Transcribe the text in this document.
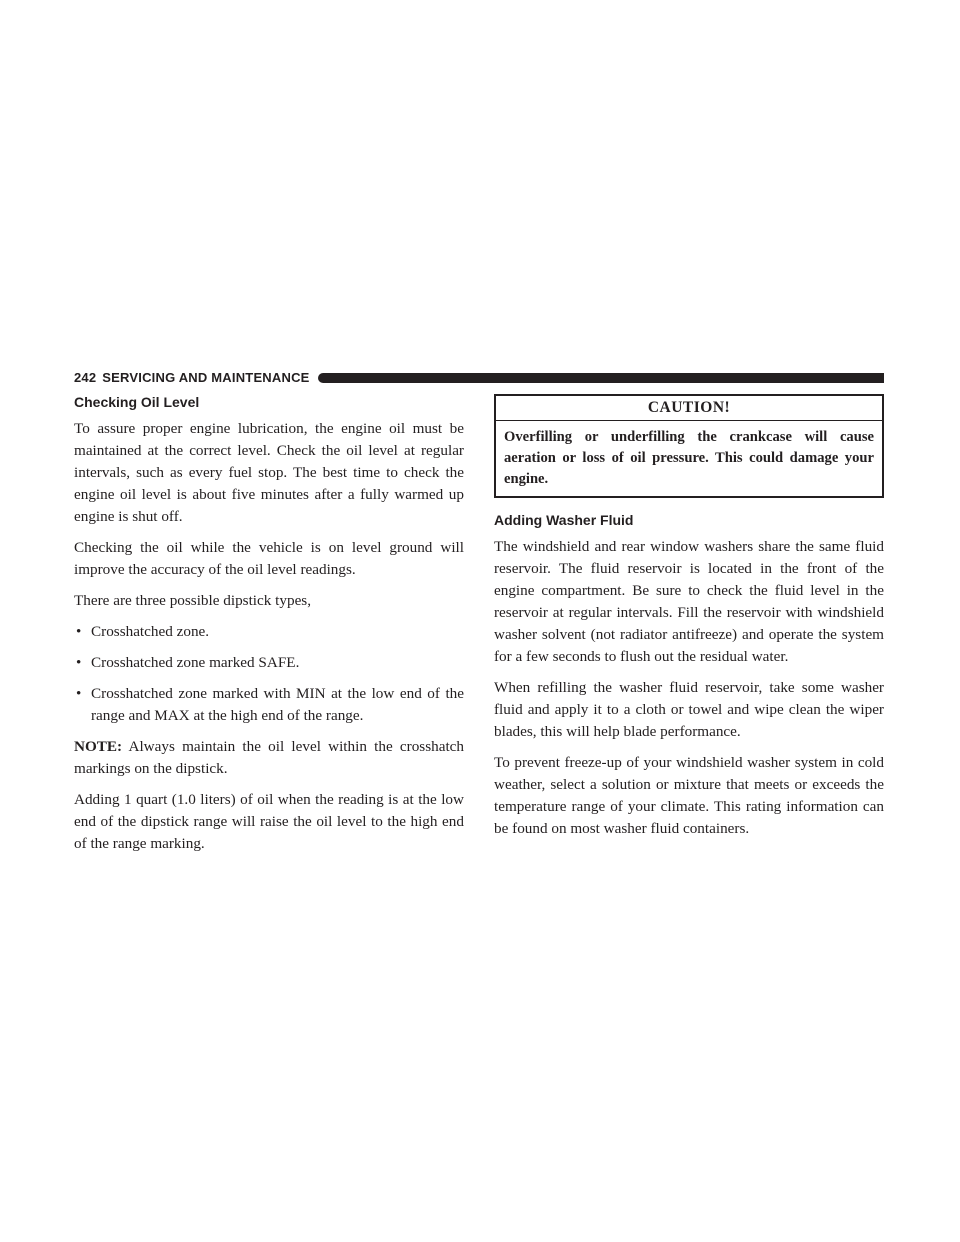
242 SERVICING AND MAINTENANCE
Checking Oil Level

To assure proper engine lubrication, the engine oil must be maintained at the correct level. Check the oil level at regular intervals, such as every fuel stop. The best time to check the engine oil level is about five minutes after a fully warmed up engine is shut off.

Checking the oil while the vehicle is on level ground will improve the accuracy of the oil level readings.

There are three possible dipstick types,

• Crosshatched zone.
• Crosshatched zone marked SAFE.
• Crosshatched zone marked with MIN at the low end of the range and MAX at the high end of the range.

NOTE: Always maintain the oil level within the crosshatch markings on the dipstick.

Adding 1 quart (1.0 liters) of oil when the reading is at the low end of the dipstick range will raise the oil level to the high end of the range marking.

CAUTION!

Overfilling or underfilling the crankcase will cause aeration or loss of oil pressure. This could damage your engine.

Adding Washer Fluid

The windshield and rear window washers share the same fluid reservoir. The fluid reservoir is located in the front of the engine compartment. Be sure to check the fluid level in the reservoir at regular intervals. Fill the reservoir with windshield washer solvent (not radiator antifreeze) and operate the system for a few seconds to flush out the residual water.

When refilling the washer fluid reservoir, take some washer fluid and apply it to a cloth or towel and wipe clean the wiper blades, this will help blade performance.

To prevent freeze-up of your windshield washer system in cold weather, select a solution or mixture that meets or exceeds the temperature range of your climate. This rating information can be found on most washer fluid containers.
